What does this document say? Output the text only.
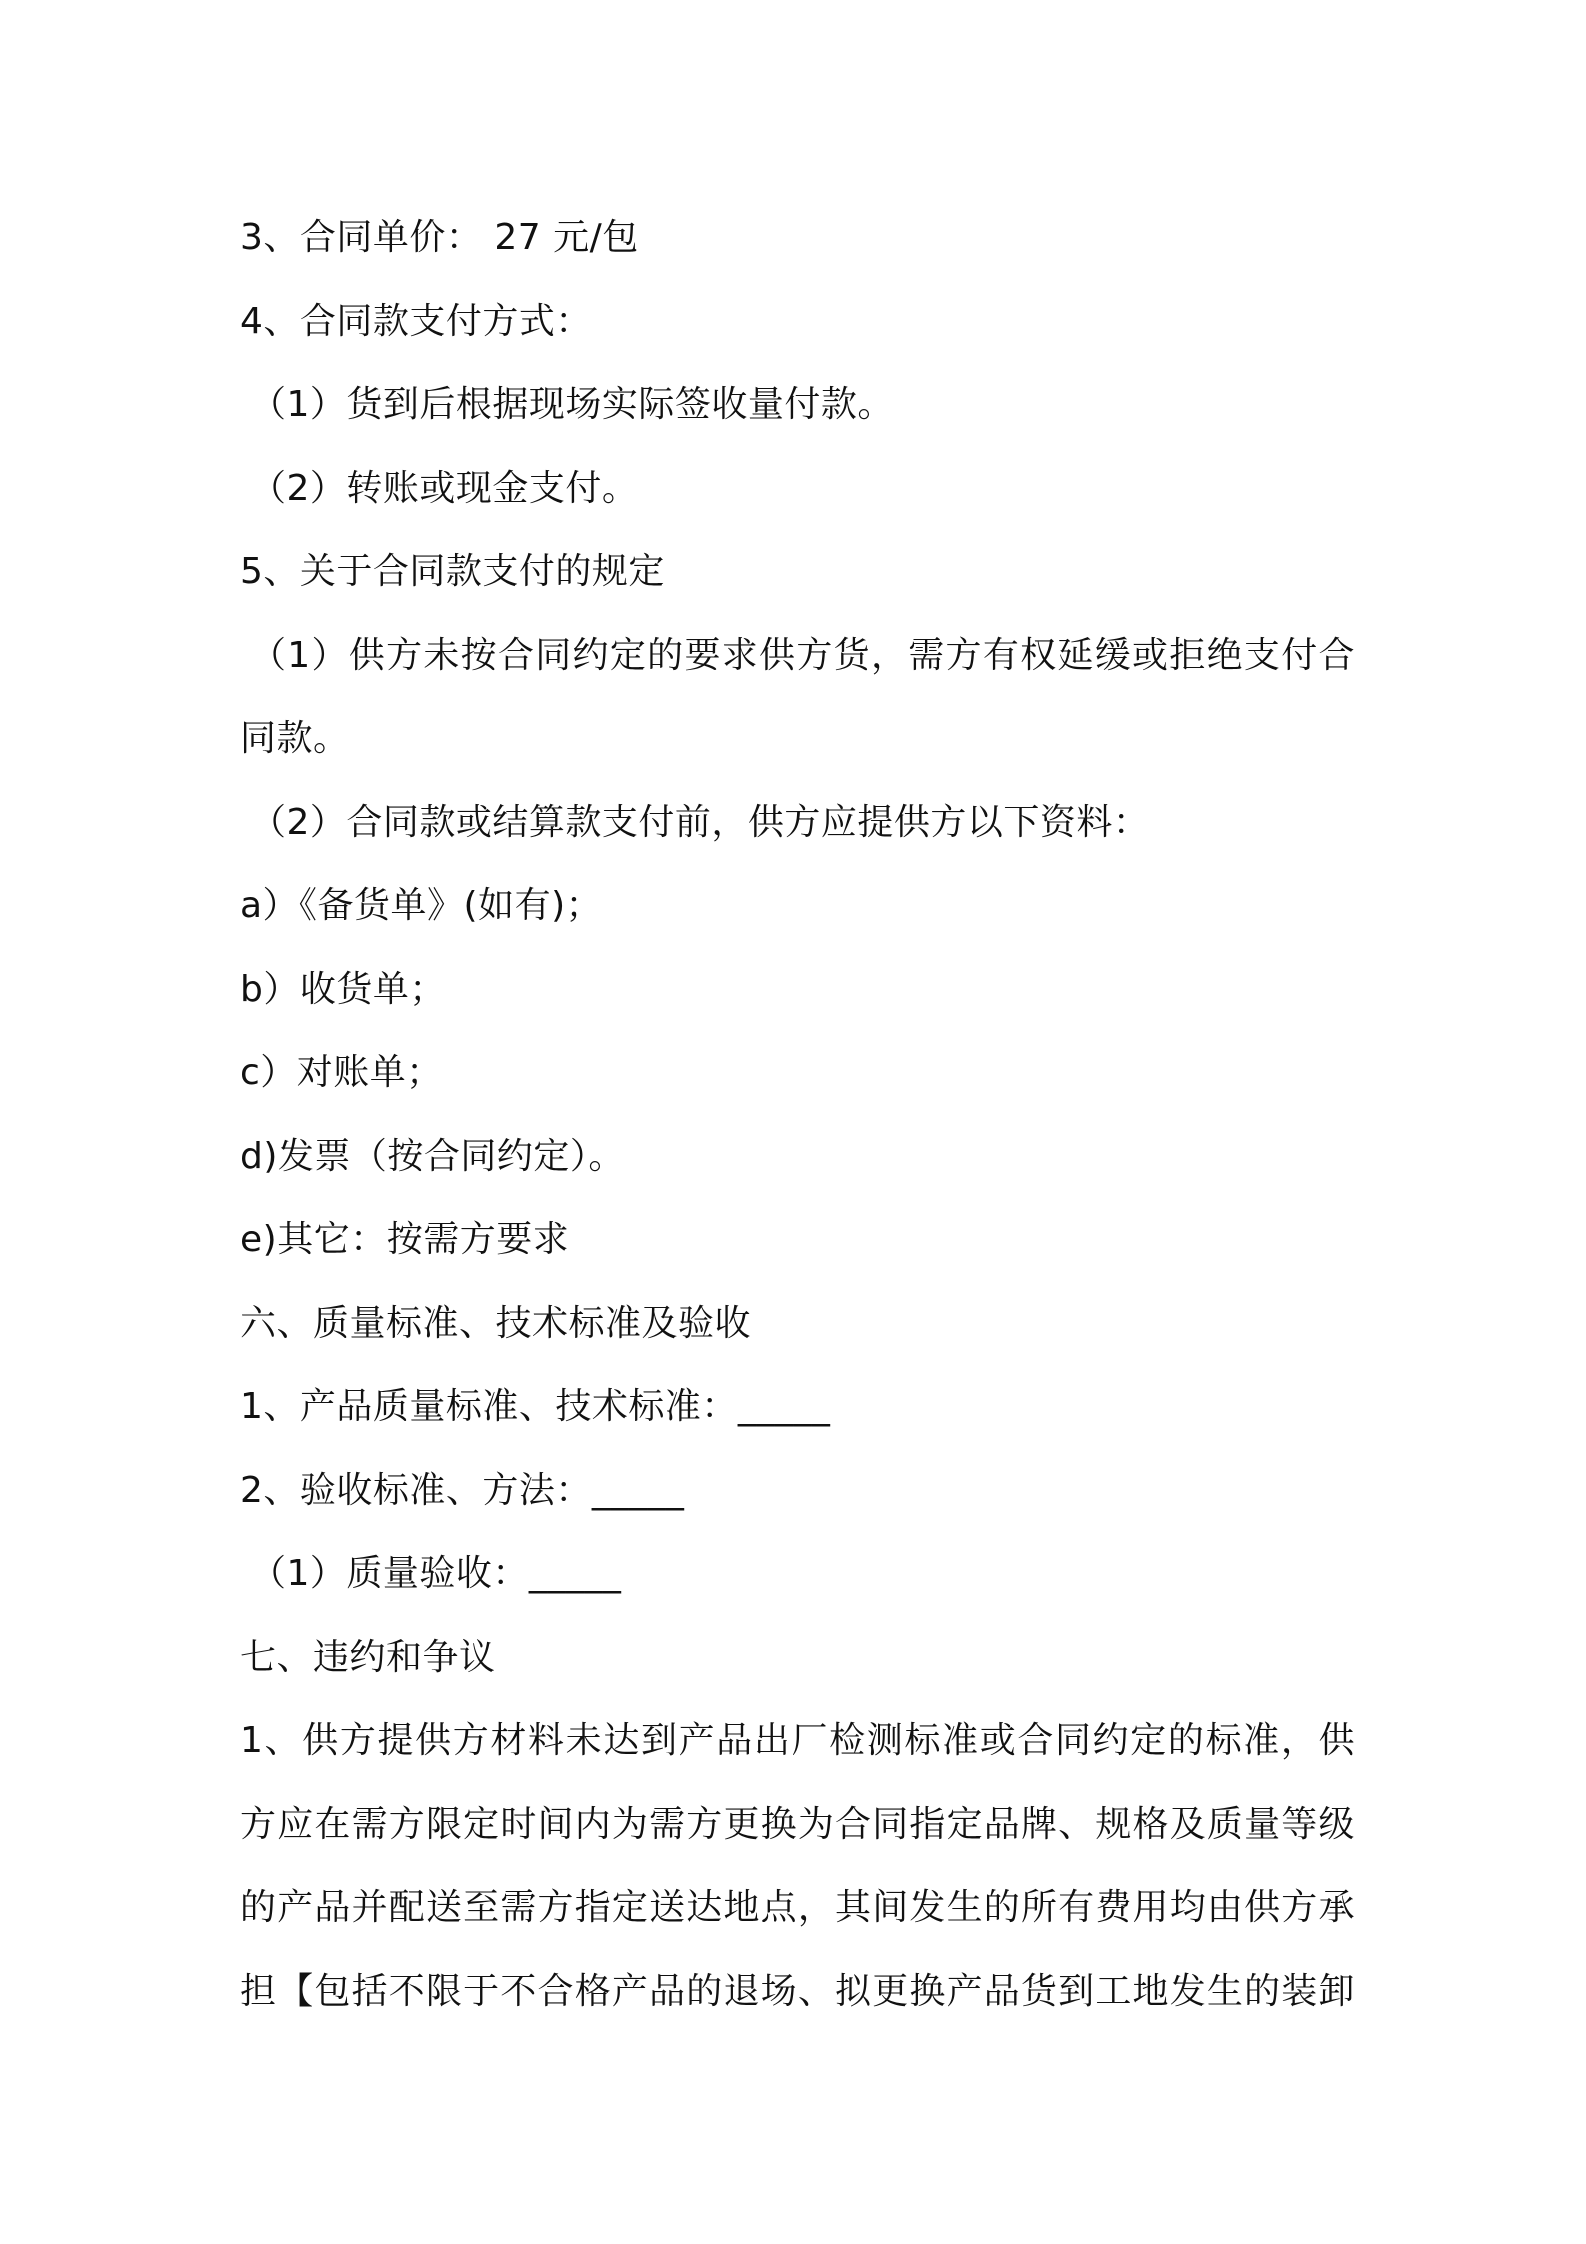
3、合同单价： 27 元/包
4、合同款支付方式：
（1）货到后根据现场实际签收量付款。
（2）转账或现金支付。
5、关于合同款支付的规定
（1）供方未按合同约定的要求供方货，需方有权延缓或拒绝支付合
同款。
（2）合同款或结算款支付前，供方应提供方以下资料：
a）《备货单》(如有)；
b）收货单；
c）对账单；
d)发票（按合同约定）。
e)其它：按需方要求
六、质量标准、技术标准及验收
1、产品质量标准、技术标准：_____
2、验收标准、方法：_____
（1）质量验收：_____
七、违约和争议
1、供方提供方材料未达到产品出厂检测标准或合同约定的标准，供
方应在需方限定时间内为需方更换为合同指定品牌、规格及质量等级
的产品并配送至需方指定送达地点，其间发生的所有费用均由供方承
担【包括不限于不合格产品的退场、拟更换产品货到工地发生的装卸
